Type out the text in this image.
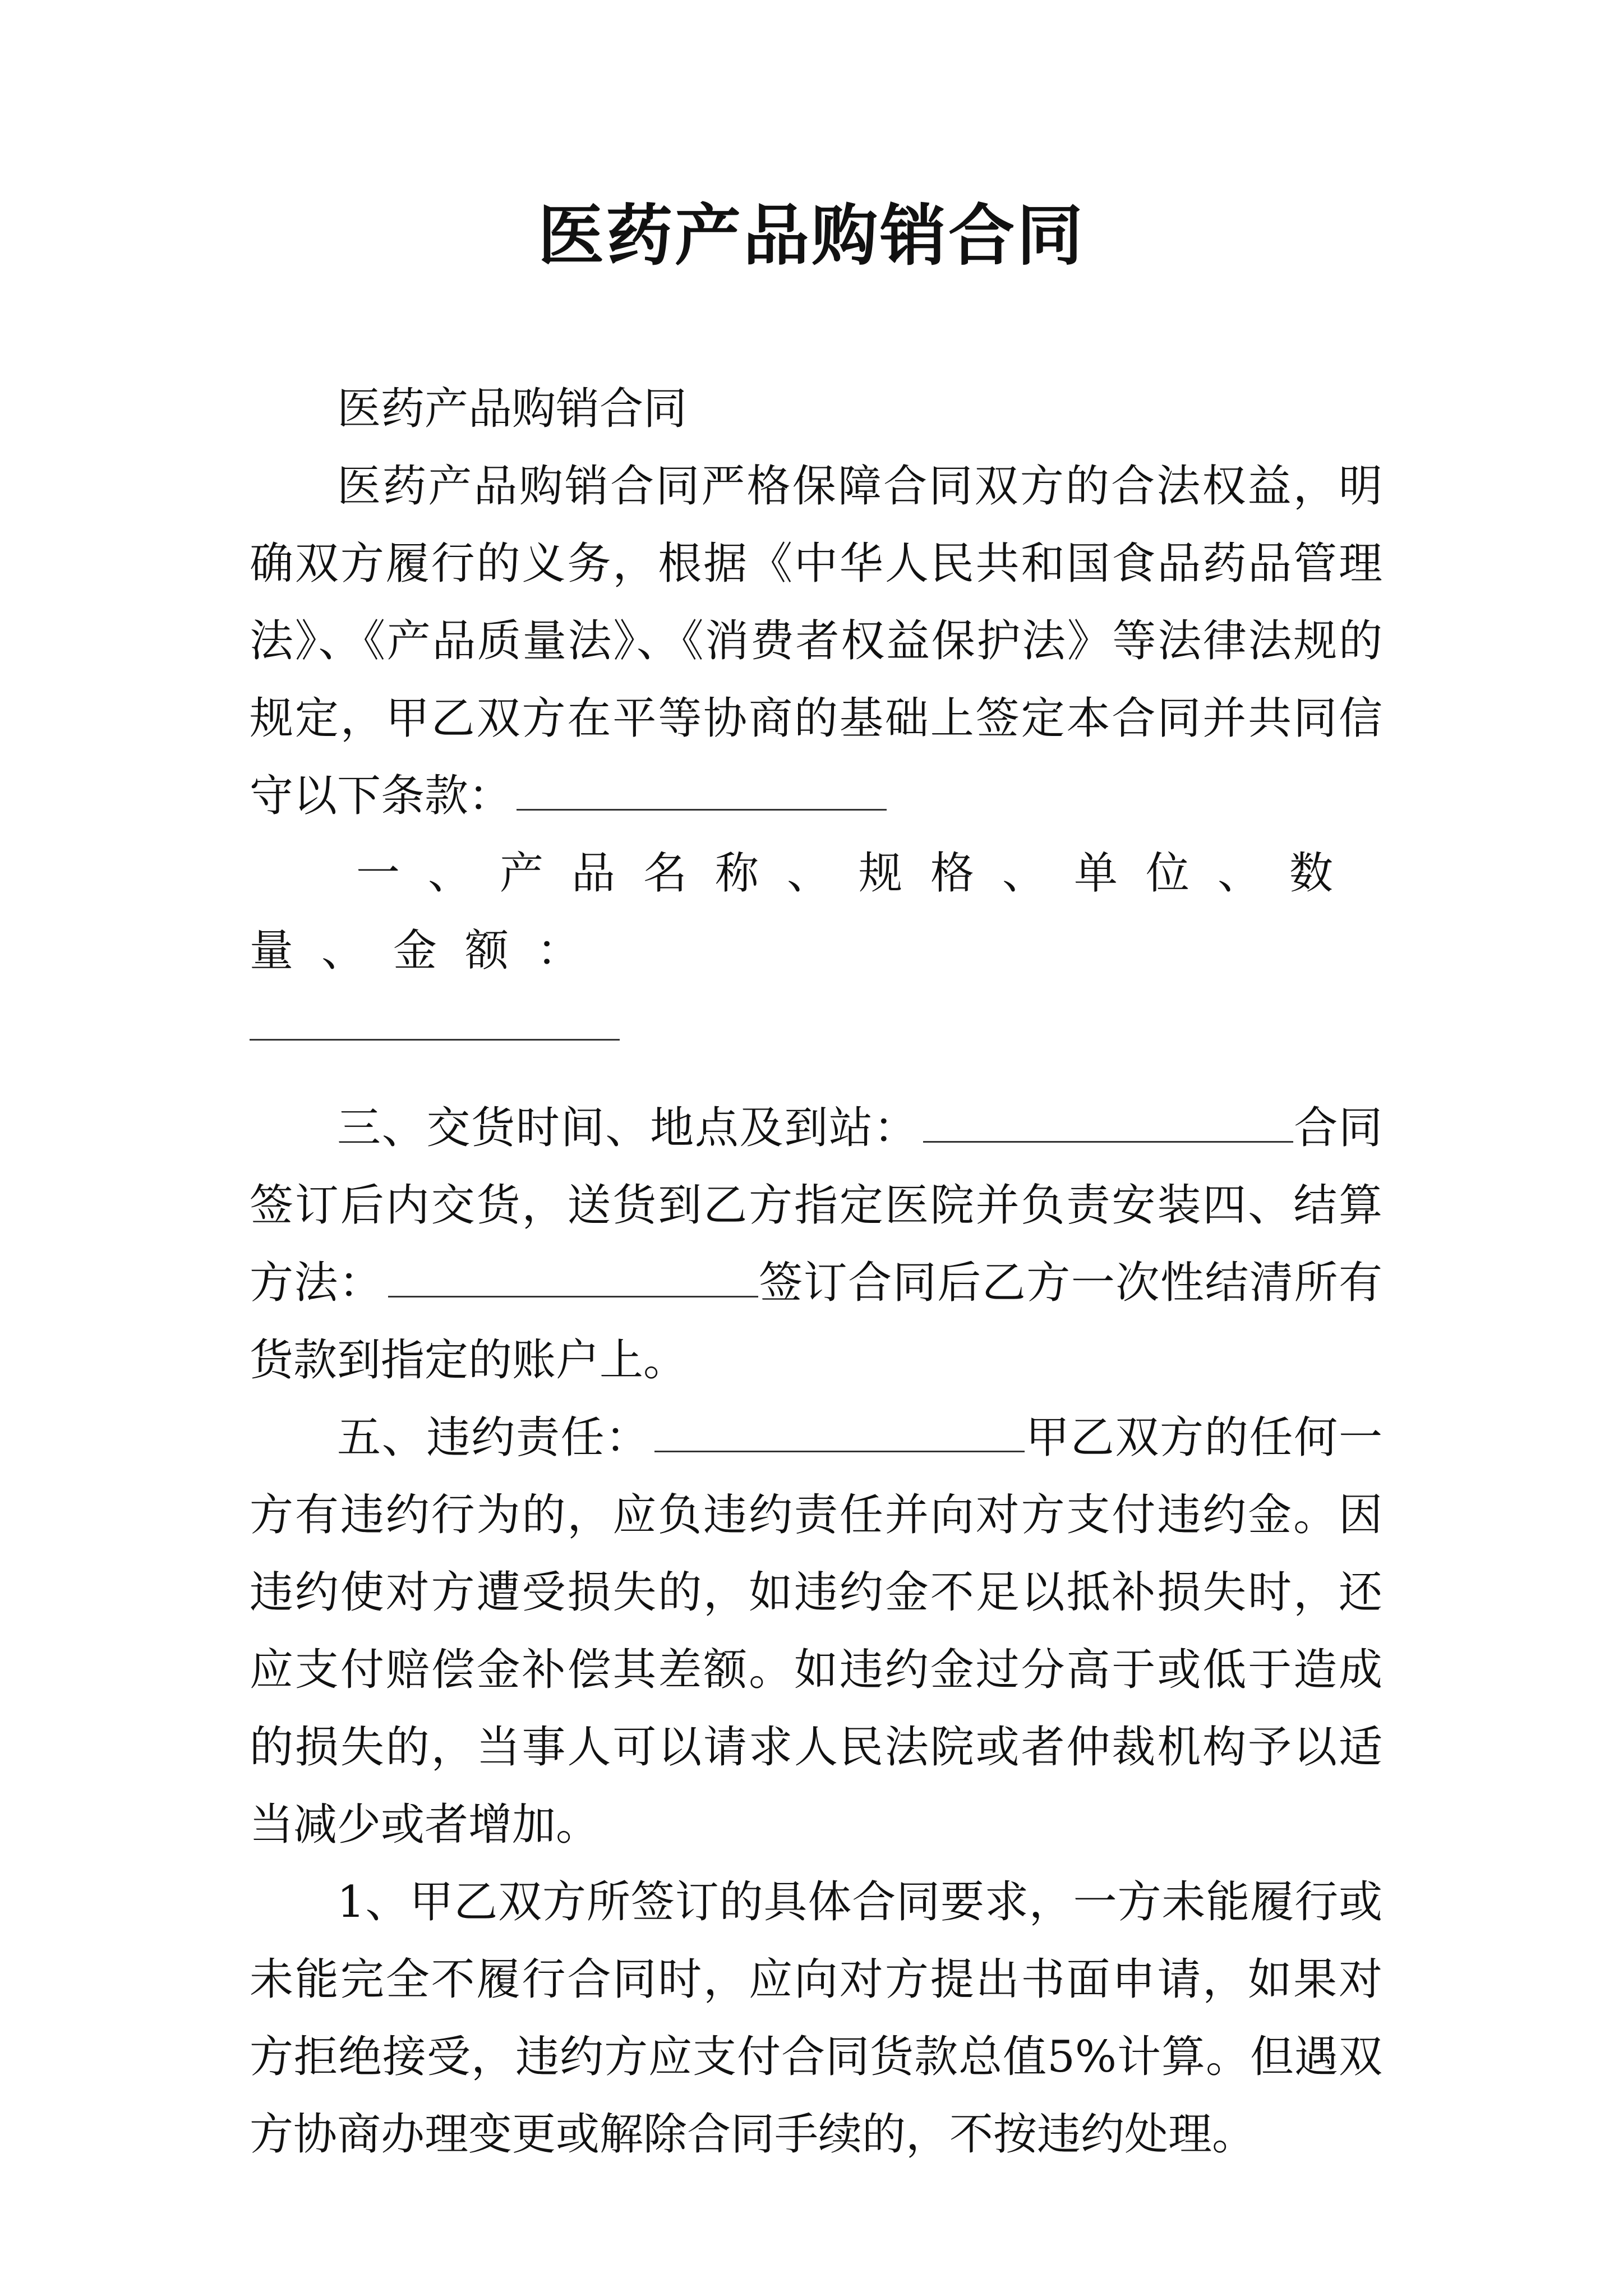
医药产品购销合同

医药产品购销合同

医药产品购销合同严格保障合同双方的合法权益，明确双方履行的义务，根据《中华人民共和国食品药品管理法》、《产品质量法》、《消费者权益保护法》等法律法规的规定，甲乙双方在平等协商的基础上签定本合同并共同信守以下条款：

一、产品名称、规格、单位、数量、金额：

三、交货时间、地点及到站：	合同签订后内交货，送货到乙方指定医院并负责安装四、结算方法：	签订合同后乙方一次性结清所有货款到指定的账户上。

五、违约责任：	甲乙双方的任何一方有违约行为的，应负违约责任并向对方支付违约金。因违约使对方遭受损失的，如违约金不足以抵补损失时，还应支付赔偿金补偿其差额。如违约金过分高于或低于造成的损失的，当事人可以请求人民法院或者仲裁机构予以适当减少或者增加。

1、甲乙双方所签订的具体合同要求，一方未能履行或未能完全不履行合同时，应向对方提出书面申请，如果对方拒绝接受，违约方应支付合同货款总值5%计算。但遇双方协商办理变更或解除合同手续的，不按违约处理。
